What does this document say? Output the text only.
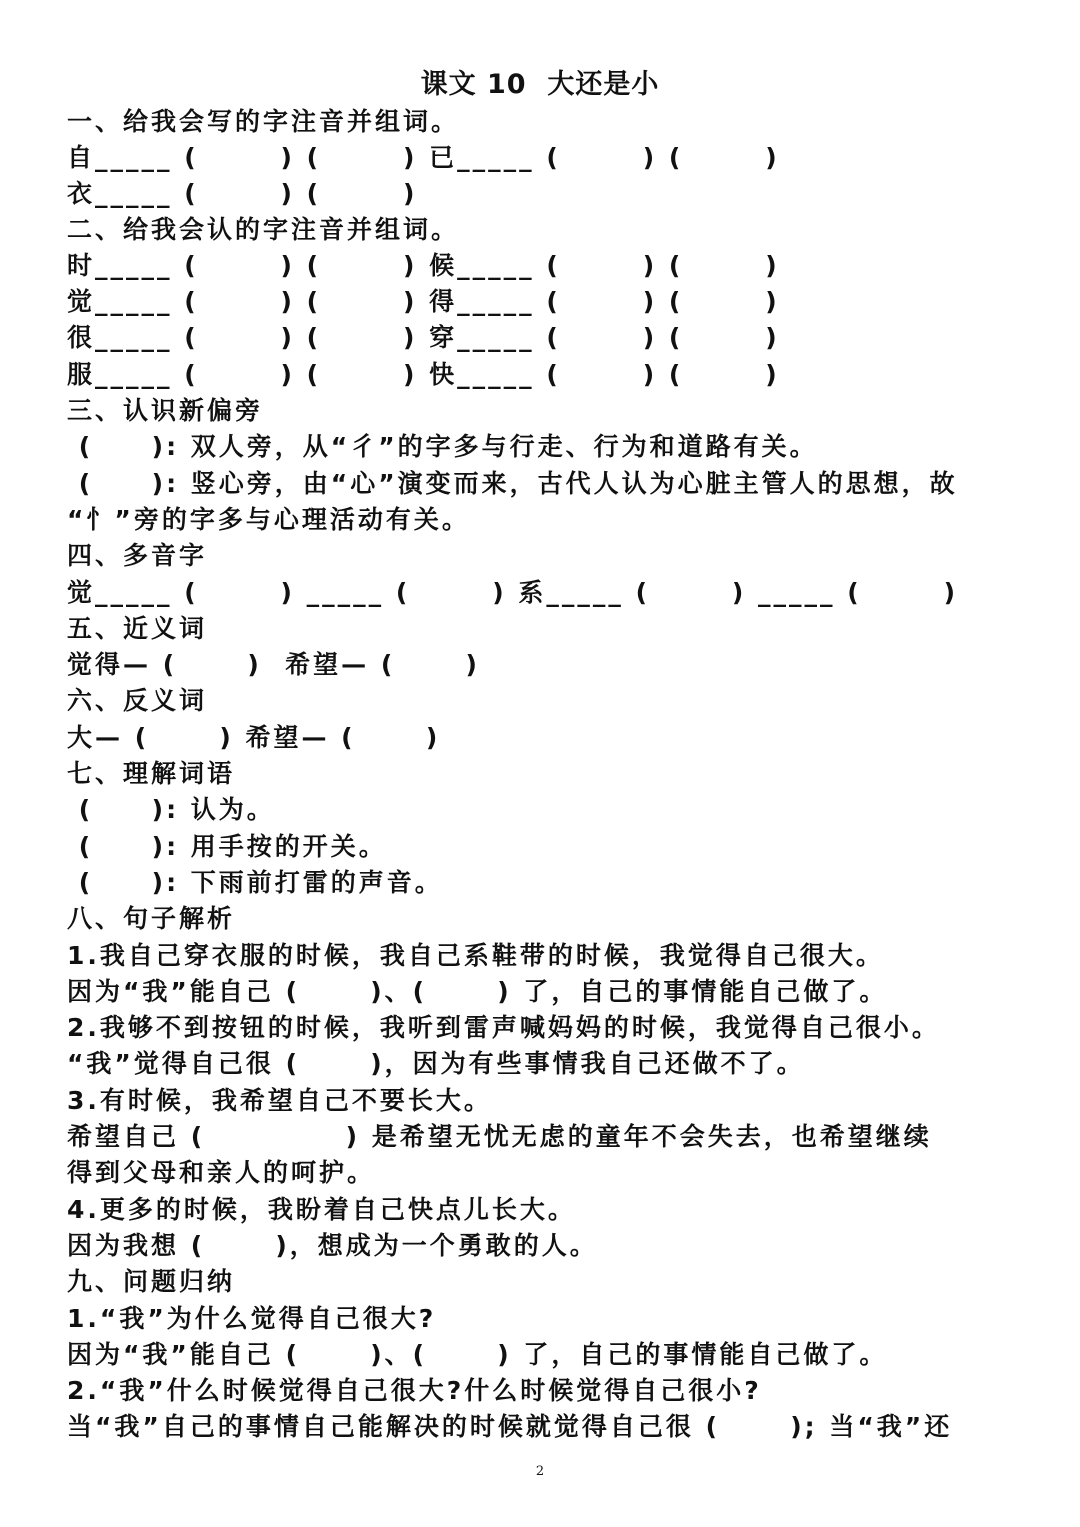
课文 10  大还是小
一、给我会写的字注音并组词。
自_____ (       ) (       ) 已_____ (       ) (       )
衣_____ (       ) (       )
二、给我会认的字注音并组词。
时_____ (       ) (       ) 候_____ (       ) (       )
觉_____ (       ) (       ) 得_____ (       ) (       )
很_____ (       ) (       ) 穿_____ (       ) (       )
服_____ (       ) (       ) 快_____ (       ) (       )
三、认识新偏旁
(     ): 双人旁，从“彳”的字多与行走、行为和道路有关。
(     ): 竖心旁，由“心”演变而来，古代人认为心脏主管人的思想，故
“忄”旁的字多与心理活动有关。
四、多音字
觉_____ (       ) _____ (       ) 系_____ (       ) _____ (       )
五、近义词
觉得— (      )  希望— (      )
六、反义词
大— (      ) 希望— (      )
七、理解词语
(     ): 认为。
(     ): 用手按的开关。
(     ): 下雨前打雷的声音。
八、句子解析
1.我自己穿衣服的时候，我自己系鞋带的时候，我觉得自己很大。
因为“我”能自己 (      )、(      ) 了，自己的事情能自己做了。
2.我够不到按钮的时候，我听到雷声喊妈妈的时候，我觉得自己很小。
“我”觉得自己很 (      )，因为有些事情我自己还做不了。
3.有时候，我希望自己不要长大。
希望自己 (            ) 是希望无忧无虑的童年不会失去，也希望继续
得到父母和亲人的呵护。
4.更多的时候，我盼着自己快点儿长大。
因为我想 (      )，想成为一个勇敢的人。
九、问题归纳
1.“我”为什么觉得自己很大?
因为“我”能自己 (      )、(      ) 了，自己的事情能自己做了。
2.“我”什么时候觉得自己很大?什么时候觉得自己很小?
当“我”自己的事情自己能解决的时候就觉得自己很 (      ); 当“我”还
2
